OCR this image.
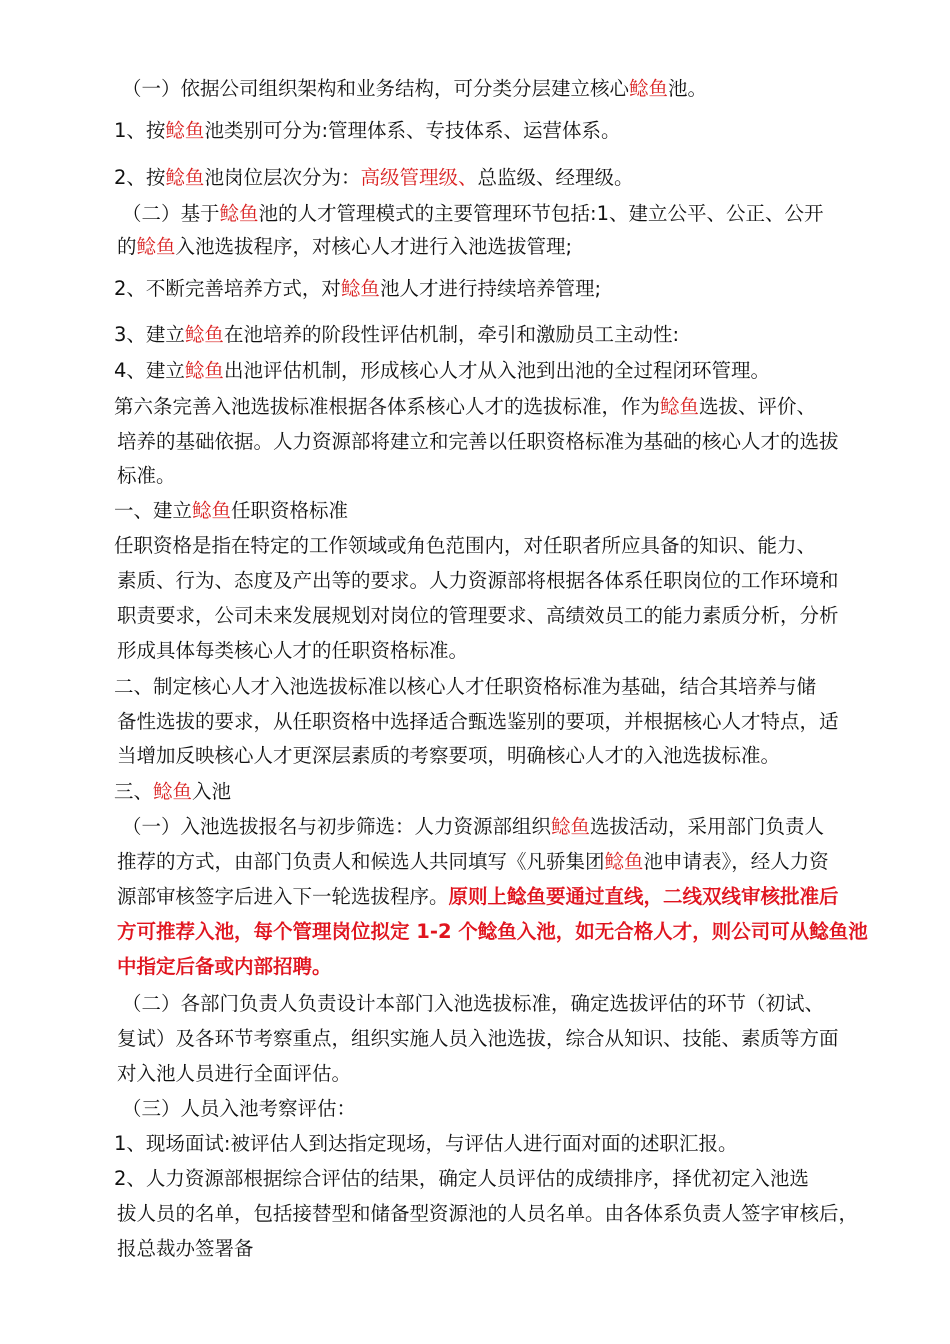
（一）依据公司组织架构和业务结构，可分类分层建立核心鲶鱼池。
1、按鲶鱼池类别可分为:管理体系、专技体系、运营体系。
2、按鲶鱼池岗位层次分为：高级管理级、总监级、经理级。
（二）基于鲶鱼池的人才管理模式的主要管理环节包括:1、建立公平、公正、公开
的鲶鱼入池选拔程序，对核心人才进行入池选拔管理;
2、不断完善培养方式，对鲶鱼池人才进行持续培养管理;
3、建立鲶鱼在池培养的阶段性评估机制，牵引和激励员工主动性:
4、建立鲶鱼出池评估机制，形成核心人才从入池到出池的全过程闭环管理。
第六条完善入池选拔标准根据各体系核心人才的选拔标准，作为鲶鱼选拔、评价、
培养的基础依据。人力资源部将建立和完善以任职资格标准为基础的核心人才的选拔
标准。
一、建立鲶鱼任职资格标准
任职资格是指在特定的工作领域或角色范围内，对任职者所应具备的知识、能力、
素质、行为、态度及产出等的要求。人力资源部将根据各体系任职岗位的工作环境和
职责要求，公司未来发展规划对岗位的管理要求、高绩效员工的能力素质分析，分析
形成具体每类核心人才的任职资格标准。
二、制定核心人才入池选拔标准以核心人才任职资格标准为基础，结合其培养与储
备性选拔的要求，从任职资格中选择适合甄选鉴别的要项，并根据核心人才特点，适
当增加反映核心人才更深层素质的考察要项，明确核心人才的入池选拔标准。
三、鲶鱼入池
（一）入池选拔报名与初步筛选：人力资源部组织鲶鱼选拔活动，采用部门负责人
推荐的方式，由部门负责人和候选人共同填写《凡骄集团鲶鱼池申请表》，经人力资
源部审核签字后进入下一轮选拔程序。原则上鲶鱼要通过直线，二线双线审核批准后
方可推荐入池，每个管理岗位拟定 1-2 个鲶鱼入池，如无合格人才，则公司可从鲶鱼池
中指定后备或内部招聘。
（二）各部门负责人负责设计本部门入池选拔标准，确定选拔评估的环节（初试、
复试）及各环节考察重点，组织实施人员入池选拔，综合从知识、技能、素质等方面
对入池人员进行全面评估。
（三）人员入池考察评估：
1、现场面试:被评估人到达指定现场，与评估人进行面对面的述职汇报。
2、人力资源部根据综合评估的结果，确定人员评估的成绩排序，择优初定入池选
拔人员的名单，包括接替型和储备型资源池的人员名单。由各体系负责人签字审核后，
报总裁办签署备
